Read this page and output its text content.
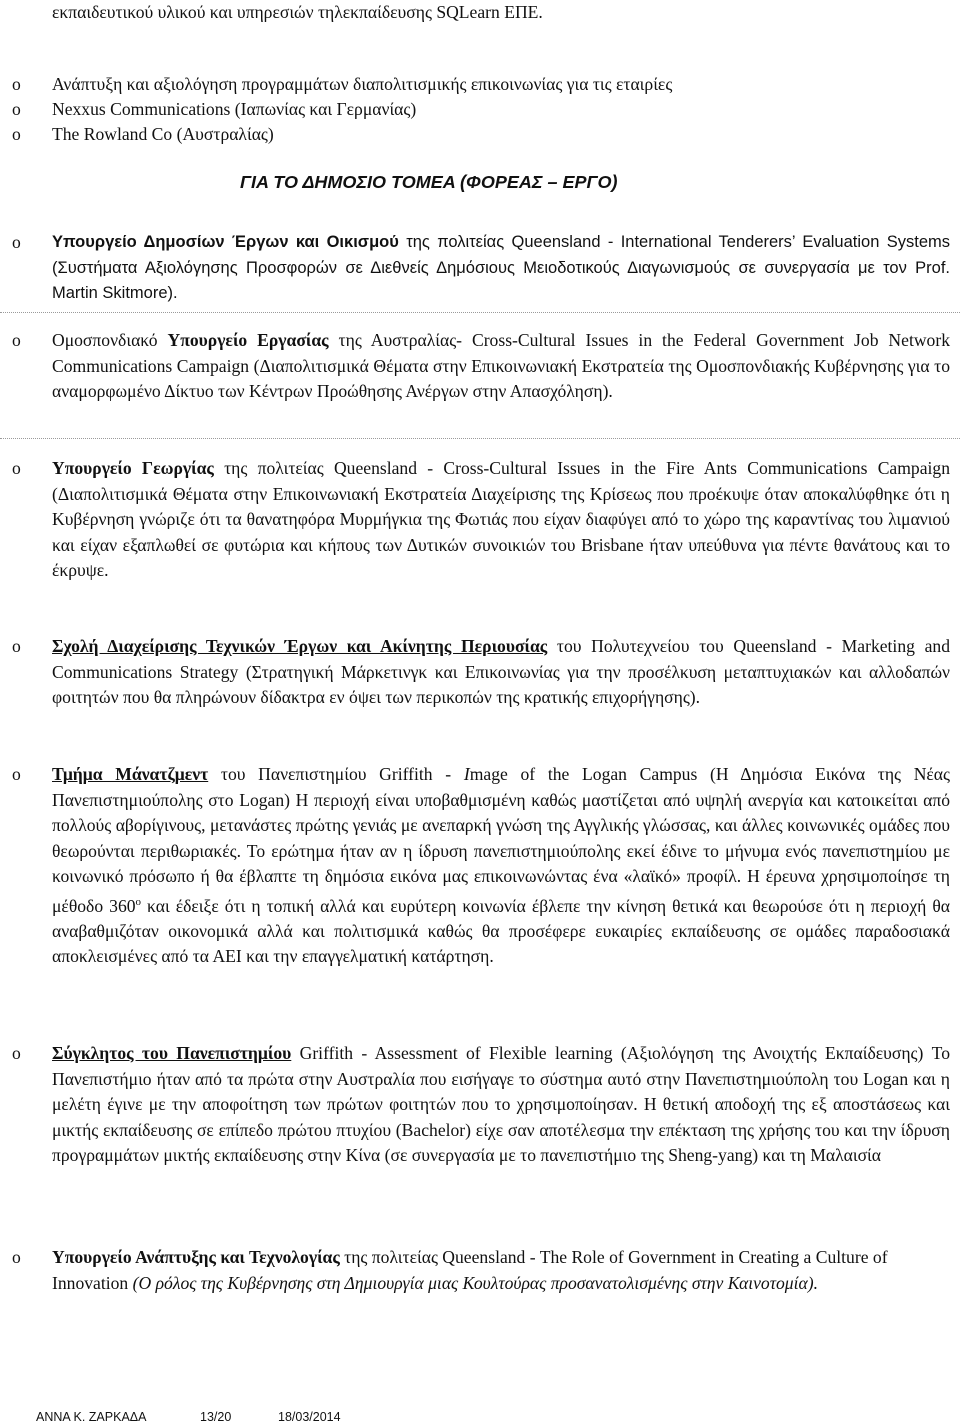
εκπαιδευτικού υλικού και υπηρεσιών τηλεκπαίδευσης SQLearn ΕΠΕ.
o	Ανάπτυξη και αξιολόγηση προγραμμάτων διαπολιτισμικής επικοινωνίας για τις εταιρίες
o	Nexxus Communications (Ιαπωνίας και Γερμανίας)
o	The Rowland Co (Αυστραλίας)
ΓΙΑ ΤΟ ΔΗΜΟΣΙΟ ΤΟΜΕΑ (ΦΟΡΕΑΣ – ΕΡΓΟ)
o	Υπουργείο Δημοσίων Έργων και Οικισμού της πολιτείας Queensland - International Tenderers’ Evaluation Systems (Συστήματα Αξιολόγησης Προσφορών σε Διεθνείς Δημόσιους Μειοδοτικούς Διαγωνισμούς σε συνεργασία με τον Prof. Martin Skitmore).
o	Ομοσπονδιακό Υπουργείο Εργασίας της Αυστραλίας- Cross-Cultural Issues in the Federal Government Job Network Communications Campaign (Διαπολιτισμικά Θέματα στην Επικοινωνιακή Εκστρατεία της Ομοσπονδιακής Κυβέρνησης για το αναμορφωμένο Δίκτυο των Κέντρων Προώθησης Ανέργων στην Απασχόληση).
o	Υπουργείο Γεωργίας της πολιτείας Queensland - Cross-Cultural Issues in the Fire Ants Communications Campaign (Διαπολιτισμικά Θέματα στην Επικοινωνιακή Εκστρατεία Διαχείρισης της Κρίσεως που προέκυψε όταν αποκαλύφθηκε ότι η Κυβέρνηση γνώριζε ότι τα θανατηφόρα Μυρμήγκια της Φωτιάς που είχαν διαφύγει από το χώρο της καραντίνας του λιμανιού και είχαν εξαπλωθεί σε φυτώρια και κήπους των Δυτικών συνοικιών του Brisbane ήταν υπεύθυνα για πέντε θανάτους και το έκρυψε.
o	Σχολή Διαχείρισης Τεχνικών Έργων και Ακίνητης Περιουσίας του Πολυτεχνείου του Queensland - Marketing and Communications Strategy (Στρατηγική Μάρκετινγκ και Επικοινωνίας για την προσέλκυση μεταπτυχιακών και αλλοδαπών φοιτητών που θα πληρώνουν δίδακτρα εν όψει των περικοπών της κρατικής επιχορήγησης).
o	Τμήμα Μάνατζμεντ του Πανεπιστημίου Griffith - Image of the Logan Campus (Η Δημόσια Εικόνα της Νέας Πανεπιστημιούπολης στο Logan) Η περιοχή είναι υποβαθμισμένη καθώς μαστίζεται από υψηλή ανεργία και κατοικείται από πολλούς αβορίγινους, μετανάστες πρώτης γενιάς με ανεπαρκή γνώση της Αγγλικής γλώσσας, και άλλες κοινωνικές ομάδες που θεωρούνται περιθωριακές. Το ερώτημα ήταν αν η ίδρυση πανεπιστημιούπολης εκεί έδινε το μήνυμα ενός πανεπιστημίου με κοινωνικό πρόσωπο ή θα έβλαπτε τη δημόσια εικόνα μας επικοινωνώντας ένα «λαϊκό» προφίλ. Η έρευνα χρησιμοποίησε τη μέθοδο $360^o$ και έδειξε ότι η τοπική αλλά και ευρύτερη κοινωνία έβλεπε την κίνηση θετικά και θεωρούσε ότι η περιοχή θα αναβαθμιζόταν οικονομικά αλλά και πολιτισμικά καθώς θα προσέφερε ευκαιρίες εκπαίδευσης σε ομάδες παραδοσιακά αποκλεισμένες από τα ΑΕΙ και την επαγγελματική κατάρτηση.
o	Σύγκλητος του Πανεπιστημίου Griffith - Assessment of Flexible learning (Αξιολόγηση της Ανοιχτής Εκπαίδευσης) Το Πανεπιστήμιο ήταν από τα πρώτα στην Αυστραλία που εισήγαγε το σύστημα αυτό στην Πανεπιστημιούπολη του Logan και η μελέτη έγινε με την αποφοίτηση των πρώτων φοιτητών που το χρησιμοποίησαν. Η θετική αποδοχή της εξ αποστάσεως και μικτής εκπαίδευσης σε επίπεδο πρώτου πτυχίου (Bachelor) είχε σαν αποτέλεσμα την επέκταση της χρήσης του και την ίδρυση προγραμμάτων μικτής εκπαίδευσης στην Κίνα (σε συνεργασία με το πανεπιστήμιο της Sheng-yang) και τη Μαλαισία
o	Υπουργείο Ανάπτυξης και Τεχνολογίας της πολιτείας Queensland - The Role of Government in Creating a Culture of Innovation (Ο ρόλος της Κυβέρνησης στη Δημιουργία μιας Κουλτούρας προσανατολισμένης στην Καινοτομία).
ΑΝΝΑ Κ. ΖΑΡΚΑΔΑ	13/20	18/03/2014
